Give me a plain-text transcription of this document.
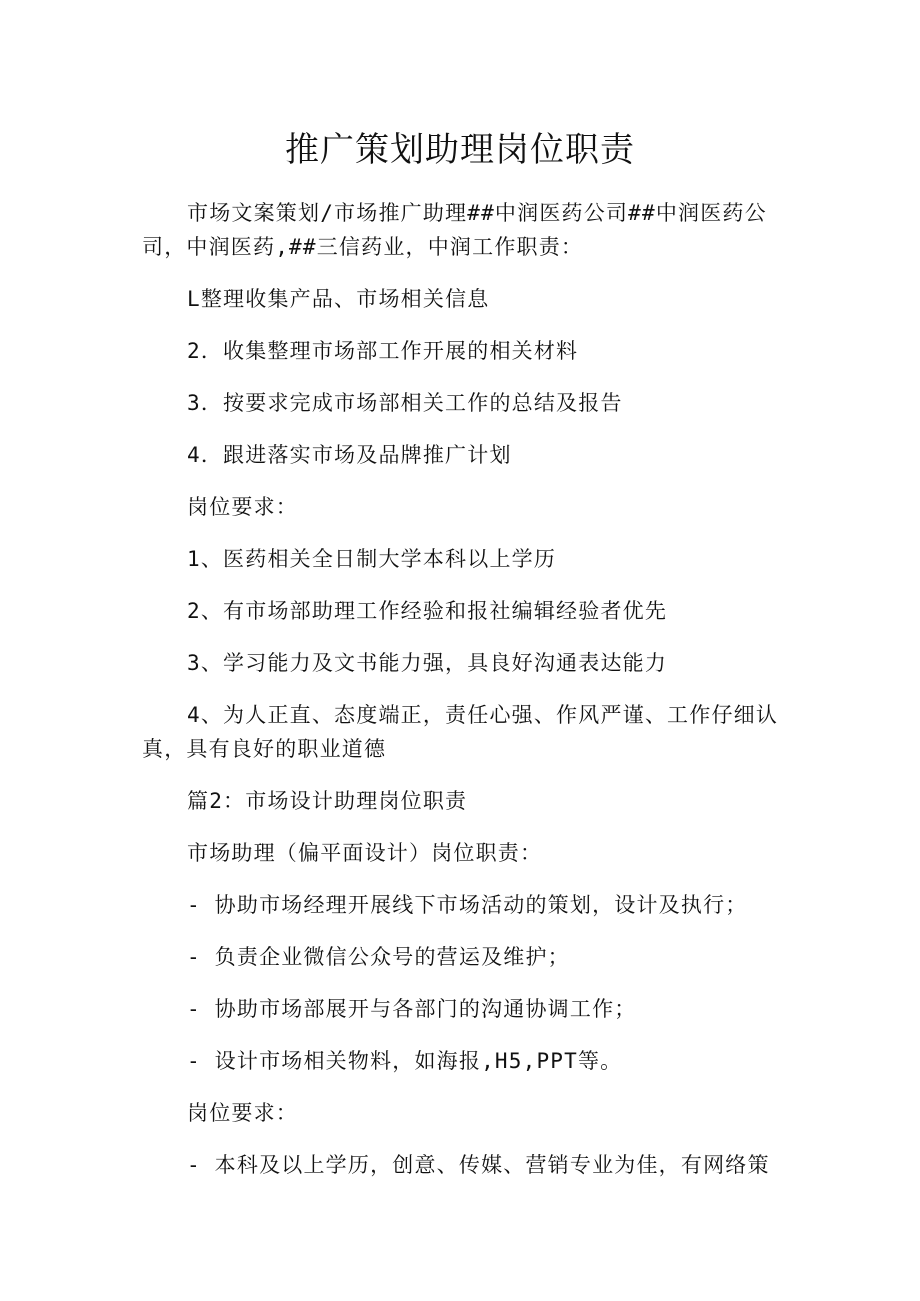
推广策划助理岗位职责

市场文案策划/市场推广助理##中润医药公司##中润医药公司，中润医药,##三信药业，中润工作职责：

L整理收集产品、市场相关信息

2．收集整理市场部工作开展的相关材料

3．按要求完成市场部相关工作的总结及报告

4．跟进落实市场及品牌推广计划

岗位要求：

1、医药相关全日制大学本科以上学历

2、有市场部助理工作经验和报社编辑经验者优先

3、学习能力及文书能力强，具良好沟通表达能力

4、为人正直、态度端正，责任心强、作风严谨、工作仔细认真，具有良好的职业道德

篇2：市场设计助理岗位职责

市场助理（偏平面设计）岗位职责：

- 协助市场经理开展线下市场活动的策划，设计及执行；

- 负责企业微信公众号的营运及维护；

- 协助市场部展开与各部门的沟通协调工作；

- 设计市场相关物料，如海报,H5,PPT等。

岗位要求：

- 本科及以上学历，创意、传媒、营销专业为佳，有网络策
